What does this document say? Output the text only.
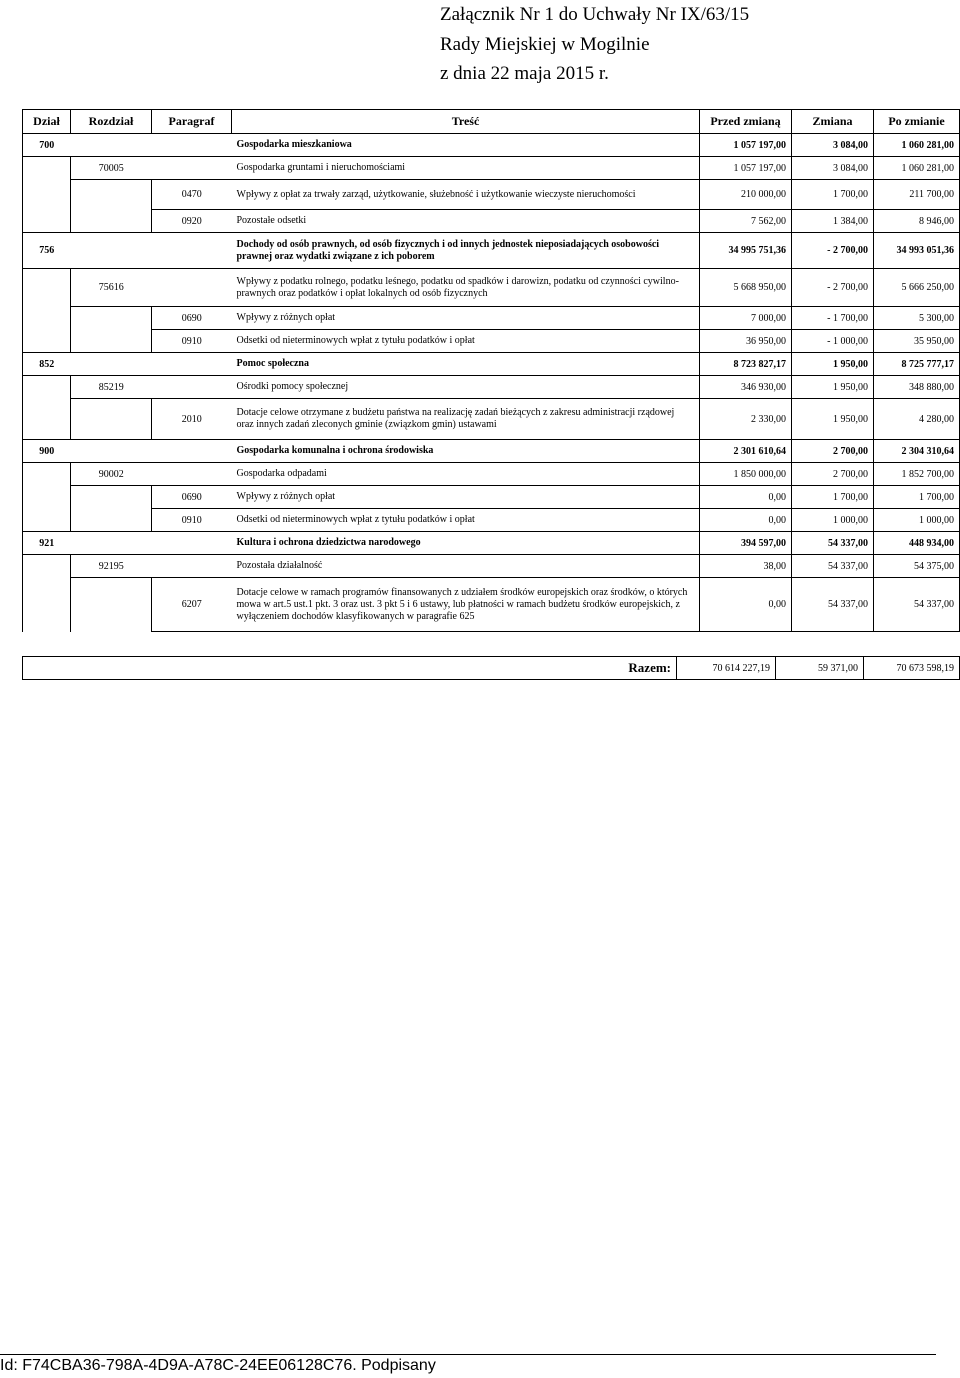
Załącznik Nr 1 do Uchwały Nr IX/63/15
Rady Miejskiej w Mogilnie
z dnia 22 maja 2015 r.
Dział	Rozdział	Paragraf	Treść	Przed zmianą	Zmiana	Po zmianie
700			Gospodarka mieszkaniowa	1 057 197,00	3 084,00	1 060 281,00
	70005		Gospodarka gruntami i nieruchomościami	1 057 197,00	3 084,00	1 060 281,00
		0470	Wpływy z opłat za trwały zarząd, użytkowanie, służebność i użytkowanie wieczyste nieruchomości	210 000,00	1 700,00	211 700,00
		0920	Pozostałe odsetki	7 562,00	1 384,00	8 946,00
756			Dochody od osób prawnych, od osób fizycznych i od innych jednostek nieposiadających osobowości prawnej oraz wydatki związane z ich poborem	34 995 751,36	- 2 700,00	34 993 051,36
	75616		Wpływy z podatku rolnego, podatku leśnego, podatku od spadków i darowizn, podatku od czynności cywilno-prawnych oraz podatków i opłat lokalnych od osób fizycznych	5 668 950,00	- 2 700,00	5 666 250,00
		0690	Wpływy z różnych opłat	7 000,00	- 1 700,00	5 300,00
		0910	Odsetki od nieterminowych wpłat z tytułu podatków i opłat	36 950,00	- 1 000,00	35 950,00
852			Pomoc społeczna	8 723 827,17	1 950,00	8 725 777,17
	85219		Ośrodki pomocy społecznej	346 930,00	1 950,00	348 880,00
		2010	Dotacje celowe otrzymane z budżetu państwa na realizację zadań bieżących z zakresu administracji rządowej oraz innych zadań zleconych gminie (związkom gmin) ustawami	2 330,00	1 950,00	4 280,00
900			Gospodarka komunalna i ochrona środowiska	2 301 610,64	2 700,00	2 304 310,64
	90002		Gospodarka odpadami	1 850 000,00	2 700,00	1 852 700,00
		0690	Wpływy z różnych opłat	0,00	1 700,00	1 700,00
		0910	Odsetki od nieterminowych wpłat z tytułu podatków i opłat	0,00	1 000,00	1 000,00
921			Kultura i ochrona dziedzictwa narodowego	394 597,00	54 337,00	448 934,00
	92195		Pozostała działalność	38,00	54 337,00	54 375,00
		6207	Dotacje celowe w ramach programów finansowanych z udziałem środków europejskich oraz środków, o których mowa w art.5 ust.1 pkt. 3 oraz ust. 3 pkt 5 i 6 ustawy, lub płatności w ramach budżetu środków europejskich, z wyłączeniem dochodów klasyfikowanych w paragrafie 625	0,00	54 337,00	54 337,00
Razem:	70 614 227,19	59 371,00	70 673 598,19
Id: F74CBA36-798A-4D9A-A78C-24EE06128C76. Podpisany
